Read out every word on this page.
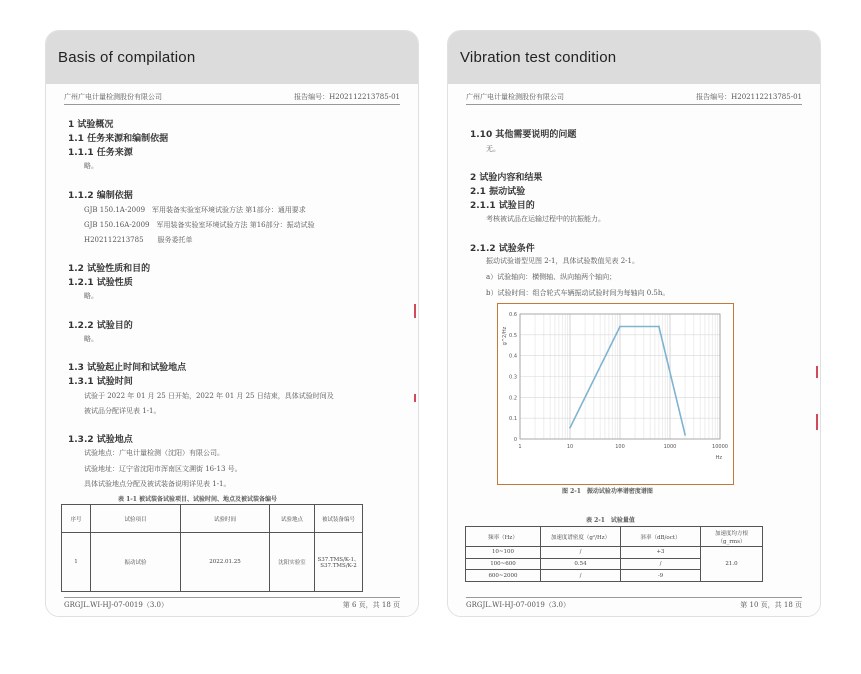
Basis of compilation
广州广电计量检测股份有限公司	报告编号：H202112213785-01
1 试验概况
1.1 任务来源和编制依据
1.1.1 任务来源
略。
1.1.2 编制依据
GJB 150.1A-2009　军用装备实验室环境试验方法 第1部分：通用要求
GJB 150.16A-2009　军用装备实验室环境试验方法 第16部分：振动试验
H202112213785　　服务委托单
1.2 试验性质和目的
1.2.1 试验性质
略。
1.2.2 试验目的
略。
1.3 试验起止时间和试验地点
1.3.1 试验时间
试验于 2022 年 01 月 25 日开始，2022 年 01 月 25 日结束，具体试验时间及
被试品分配详见表 1-1。
1.3.2 试验地点
试验地点：广电计量检测（沈阳）有限公司。
试验地址：辽宁省沈阳市浑南区文溯街 16-13 号。
具体试验地点分配及被试装备说明详见表 1-1。
表 1-1 被试装备试验项目、试验时间、地点及被试装备编号
序号	试验项目	试验时间	试验地点	被试装备编号
1	振动试验	2022.01.25	沈阳实验室	S37.TMS/K-1、S37.TMS/K-2
GRGJL.WI-HJ-07-0019（3.0）	第 6 页，共 18 页
Vibration test condition
广州广电计量检测股份有限公司	报告编号：H202112213785-01
1.10 其他需要说明的问题
无。
2 试验内容和结果
2.1 振动试验
2.1.1 试验目的
考核被试品在运输过程中的抗振能力。
2.1.2 试验条件
振动试验谱型见图 2-1，具体试验数值见表 2-1。
a）试验轴向：横侧轴、纵向轴两个轴向；
b）试验时间：组合轮式车辆振动试验时间为每轴向 0.5h。
0
0.1
0.2
0.3
0.4
0.5
0.6
1	10	100	1000	10000
Hz
g^2/Hz
图 2-1　振动试验功率谱密度谱图
表 2-1　试验量值
频率（Hz）	加速度谱密度（g²/Hz）	斜率（dB/oct）	加速度均方根（g_rms）
10~100	/	+3	21.0
100~600	0.54	/	
600~2000	/	-9	
GRGJL.WI-HJ-07-0019（3.0）	第 10 页，共 18 页
